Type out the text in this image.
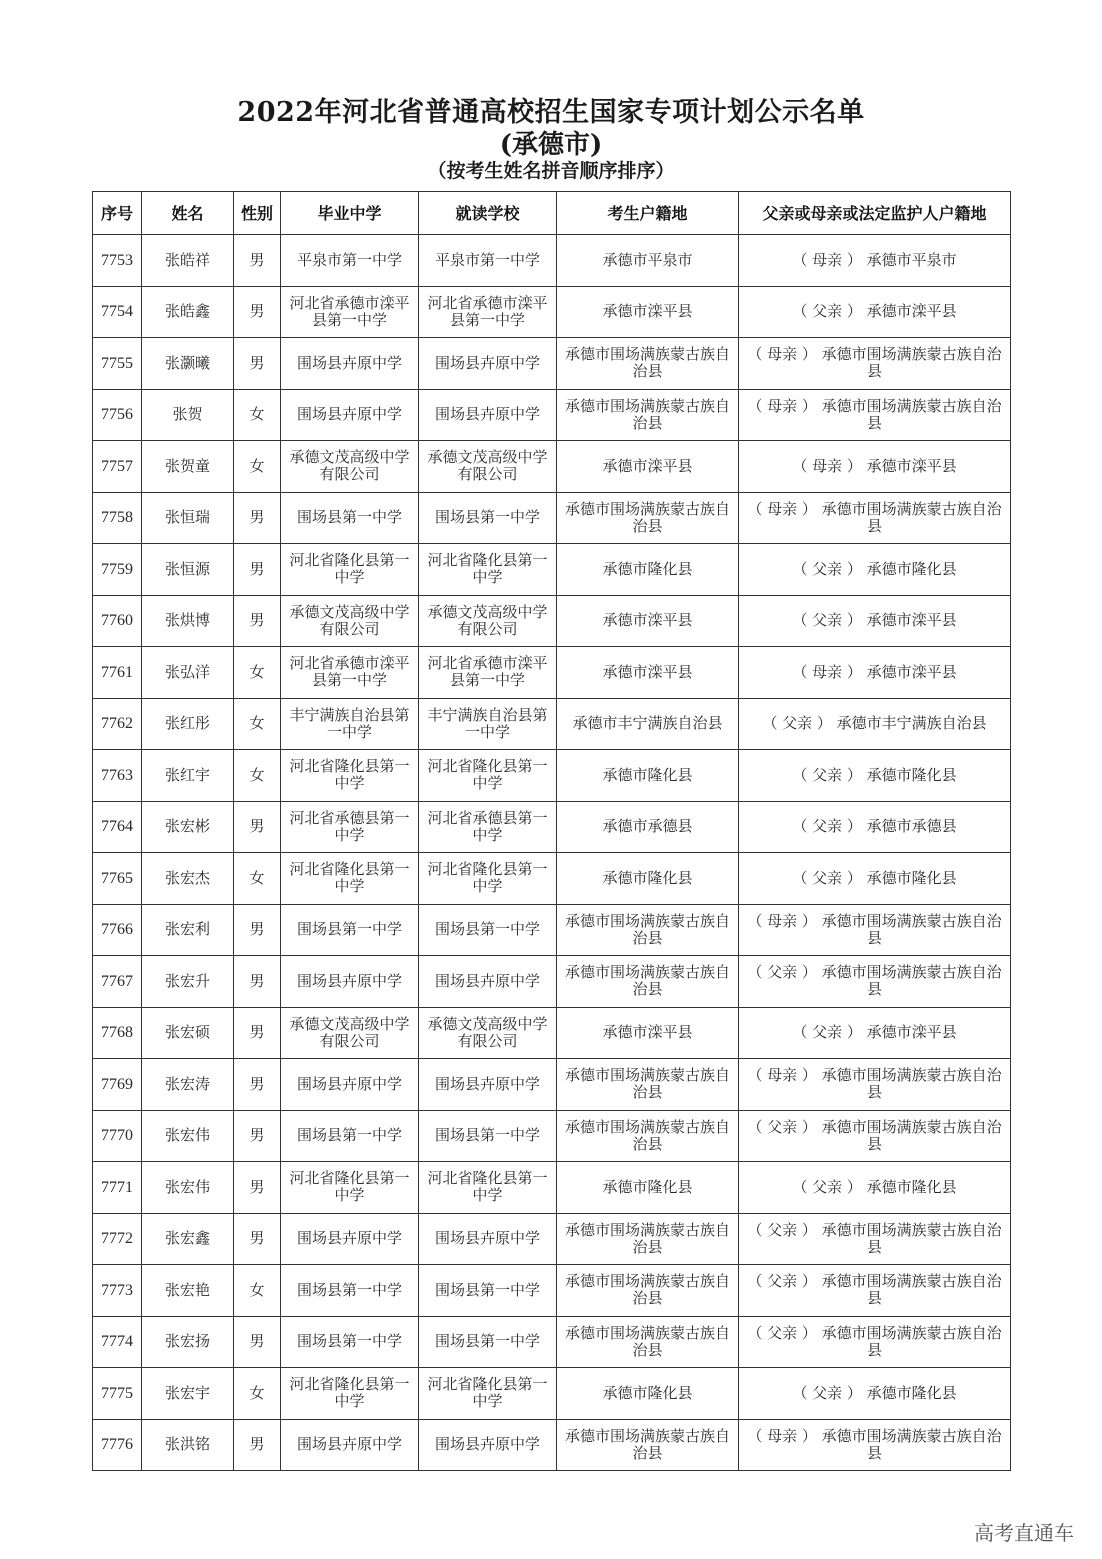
2022年河北省普通高校招生国家专项计划公示名单
(承德市)
（按考生姓名拼音顺序排序）
序号	姓名	性别	毕业中学	就读学校	考生户籍地	父亲或母亲或法定监护人户籍地
7753	张皓祥	男	平泉市第一中学	平泉市第一中学	承德市平泉市	（ 母亲 ） 承德市平泉市
7754	张皓鑫	男	河北省承德市滦平县第一中学	河北省承德市滦平县第一中学	承德市滦平县	（ 父亲 ） 承德市滦平县
7755	张灏曦	男	围场县卉原中学	围场县卉原中学	承德市围场满族蒙古族自治县	（ 母亲 ） 承德市围场满族蒙古族自治县
7756	张贺	女	围场县卉原中学	围场县卉原中学	承德市围场满族蒙古族自治县	（ 母亲 ） 承德市围场满族蒙古族自治县
7757	张贺童	女	承德文茂高级中学有限公司	承德文茂高级中学有限公司	承德市滦平县	（ 母亲 ） 承德市滦平县
7758	张恒瑞	男	围场县第一中学	围场县第一中学	承德市围场满族蒙古族自治县	（ 母亲 ） 承德市围场满族蒙古族自治县
7759	张恒源	男	河北省隆化县第一中学	河北省隆化县第一中学	承德市隆化县	（ 父亲 ） 承德市隆化县
7760	张烘博	男	承德文茂高级中学有限公司	承德文茂高级中学有限公司	承德市滦平县	（ 父亲 ） 承德市滦平县
7761	张弘洋	女	河北省承德市滦平县第一中学	河北省承德市滦平县第一中学	承德市滦平县	（ 母亲 ） 承德市滦平县
7762	张红彤	女	丰宁满族自治县第一中学	丰宁满族自治县第一中学	承德市丰宁满族自治县	（ 父亲 ） 承德市丰宁满族自治县
7763	张红宇	女	河北省隆化县第一中学	河北省隆化县第一中学	承德市隆化县	（ 父亲 ） 承德市隆化县
7764	张宏彬	男	河北省承德县第一中学	河北省承德县第一中学	承德市承德县	（ 父亲 ） 承德市承德县
7765	张宏杰	女	河北省隆化县第一中学	河北省隆化县第一中学	承德市隆化县	（ 父亲 ） 承德市隆化县
7766	张宏利	男	围场县第一中学	围场县第一中学	承德市围场满族蒙古族自治县	（ 母亲 ） 承德市围场满族蒙古族自治县
7767	张宏升	男	围场县卉原中学	围场县卉原中学	承德市围场满族蒙古族自治县	（ 父亲 ） 承德市围场满族蒙古族自治县
7768	张宏硕	男	承德文茂高级中学有限公司	承德文茂高级中学有限公司	承德市滦平县	（ 父亲 ） 承德市滦平县
7769	张宏涛	男	围场县卉原中学	围场县卉原中学	承德市围场满族蒙古族自治县	（ 母亲 ） 承德市围场满族蒙古族自治县
7770	张宏伟	男	围场县第一中学	围场县第一中学	承德市围场满族蒙古族自治县	（ 父亲 ） 承德市围场满族蒙古族自治县
7771	张宏伟	男	河北省隆化县第一中学	河北省隆化县第一中学	承德市隆化县	（ 父亲 ） 承德市隆化县
7772	张宏鑫	男	围场县卉原中学	围场县卉原中学	承德市围场满族蒙古族自治县	（ 父亲 ） 承德市围场满族蒙古族自治县
7773	张宏艳	女	围场县第一中学	围场县第一中学	承德市围场满族蒙古族自治县	（ 父亲 ） 承德市围场满族蒙古族自治县
7774	张宏扬	男	围场县第一中学	围场县第一中学	承德市围场满族蒙古族自治县	（ 父亲 ） 承德市围场满族蒙古族自治县
7775	张宏宇	女	河北省隆化县第一中学	河北省隆化县第一中学	承德市隆化县	（ 父亲 ） 承德市隆化县
7776	张洪铭	男	围场县卉原中学	围场县卉原中学	承德市围场满族蒙古族自治县	（ 母亲 ） 承德市围场满族蒙古族自治县
高考直通车
